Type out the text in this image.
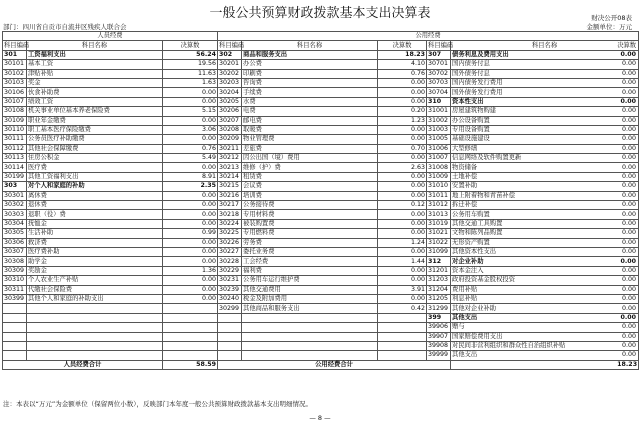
一般公共预算财政拨款基本支出决算表	财决公开08表
金额单位：万元
部门：四川省自贡市自流井区残疾人联合会
人员经费			公用经费				
科目编码	科目名称	决算数	科目编码	科目名称	决算数	科目编码	科目名称 决算数

301	工资福利支出	56.24	302	商品和服务支出	18.23	307	债务利息及费用支出 0.00

30101	基本工资	19.56	30201	办公费	4.10	30701	国内债务付息 0.00

30102	津贴补贴	11.63	30202	印刷费	0.76	30702	国外债务付息 0.00

30103	奖金	1.63	30203	咨询费	0.00	30703	国内债务发行费用 0.00

30106	伙食补助费	0.00	30204	手续费	0.00	30704	国外债务发行费用 0.00

30107	绩效工资	0.00	30205	水费	0.00	310	资本性支出 0.00

30108	机关事业单位基本养老保险费	5.15	30206	电费	0.20	31001	房屋建筑物购建 0.00

30109	职业年金缴费	0.00	30207	邮电费	1.23	31002	办公设备购置 0.00

30110	职工基本医疗保险缴费	3.06	30208	取暖费	0.00	31003	专用设备购置 0.00

30111	公务员医疗补助缴费	0.00	30209	物业管理费	0.00	31005	基础设施建设 0.00

30112	其他社会保障缴费	0.76	30211	差旅费	0.70	31006	大型修缮 0.00

30113	住房公积金	5.49	30212	因公出国（境）费用	0.00	31007	信息网络及软件购置更新 0.00

30114	医疗费	0.00	30213	维修（护）费	2.63	31008	物资储备 0.00

30199	其他工资福利支出	8.91	30214	租赁费	0.00	31009	土地补偿 0.00

303	对个人和家庭的补助	2.35	30215	会议费	0.00	31010	安置补助 0.00

30301	离休费	0.00	30216	培训费	0.00	31011	地上附着物和青苗补偿 0.00

30302	退休费	0.00	30217	公务接待费	0.12	31012	拆迁补偿 0.00

30303	退职（役）费	0.00	30218	专用材料费	0.00	31013	公务用车购置 0.00

30304	抚恤金	0.00	30224	被装购置费	0.00	31019	其他交通工具购置 0.00

30305	生活补助	0.99	30225	专用燃料费	0.00	31021	文物和陈列品购置 0.00

30306	救济费	0.00	30226	劳务费	1.24	31022	无形资产购置 0.00

30307	医疗费补助	0.00	30227	委托业务费	0.00	31099	其他资本性支出 0.00

30308	助学金	0.00	30228	工会经费	1.44	312	对企业补助 0.00

30309	奖励金	1.36	30229	福利费	0.00	31201	资本金注入 0.00

30310	个人农业生产补贴	0.00	30231	公务用车运行维护费	0.00	31203	政府投资基金股权投资 0.00

30311	代缴社会保险费	0.00	30239	其他交通费用	3.91	31204	费用补贴 0.00

30399	其他个人和家庭的补助支出	0.00	30240	税金及附加费用	0.00	31205	利息补贴 0.00

			30299	其他商品和服务支出	0.42	31299	其他对企业补助 0.00

						399	其他支出 0.00

						39906	赠与 0.00

						39907	国家赔偿费用支出 0.00

						39908	对民间非营利组织和群众性自治组织补贴 0.00

						39999	其他支出 0.00

人员经费合计		58.59	公用经费合计				18.23
注：本表以“万元”为金额单位（保留两位小数），反映部门本年度一般公共预算财政拨款基本支出明细情况。
— 8 —
